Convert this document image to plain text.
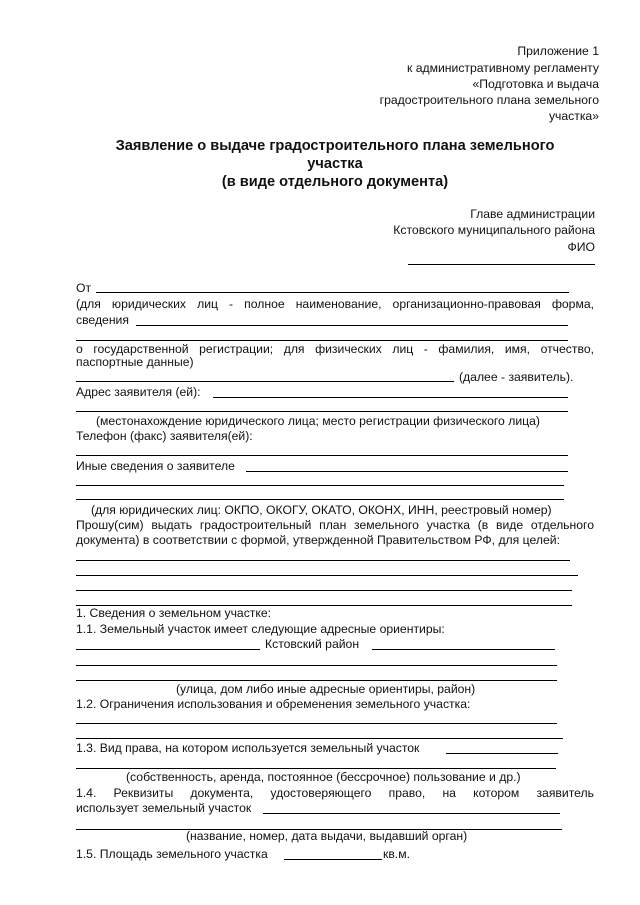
Приложение 1
к административному регламенту
«Подготовка и выдача
градостроительного плана земельного
участка»
Заявление о выдаче градостроительного плана земельного
участка
(в виде отдельного документа)
Главе администрации
Кстовского муниципального района
ФИО
От
(для юридических лиц - полное наименование, организационно-правовая форма,
сведения
о государственной регистрации; для физических лиц - фамилия, имя, отчество,
паспортные данные)
(далее - заявитель).
Адрес заявителя (ей):
(местонахождение юридического лица; место регистрации физического лица)
Телефон (факс) заявителя(ей):
Иные сведения о заявителе
(для юридических лиц: ОКПО, ОКОГУ, ОКАТО, ОКОНХ, ИНН, реестровый номер)
Прошу(сим) выдать градостроительный план земельного участка (в виде отдельного
документа) в соответствии с формой, утвержденной Правительством РФ, для целей:
1. Сведения о земельном участке:
1.1. Земельный участок имеет следующие адресные ориентиры:
Кстовский район
(улица, дом либо иные адресные ориентиры, район)
1.2. Ограничения использования и обременения земельного участка:
1.3. Вид права, на котором используется земельный участок
(собственность, аренда, постоянное (бессрочное) пользование и др.)
1.4. Реквизиты документа, удостоверяющего право, на котором заявитель
использует земельный участок
(название, номер, дата выдачи, выдавший орган)
1.5. Площадь земельного участка	кв.м.
